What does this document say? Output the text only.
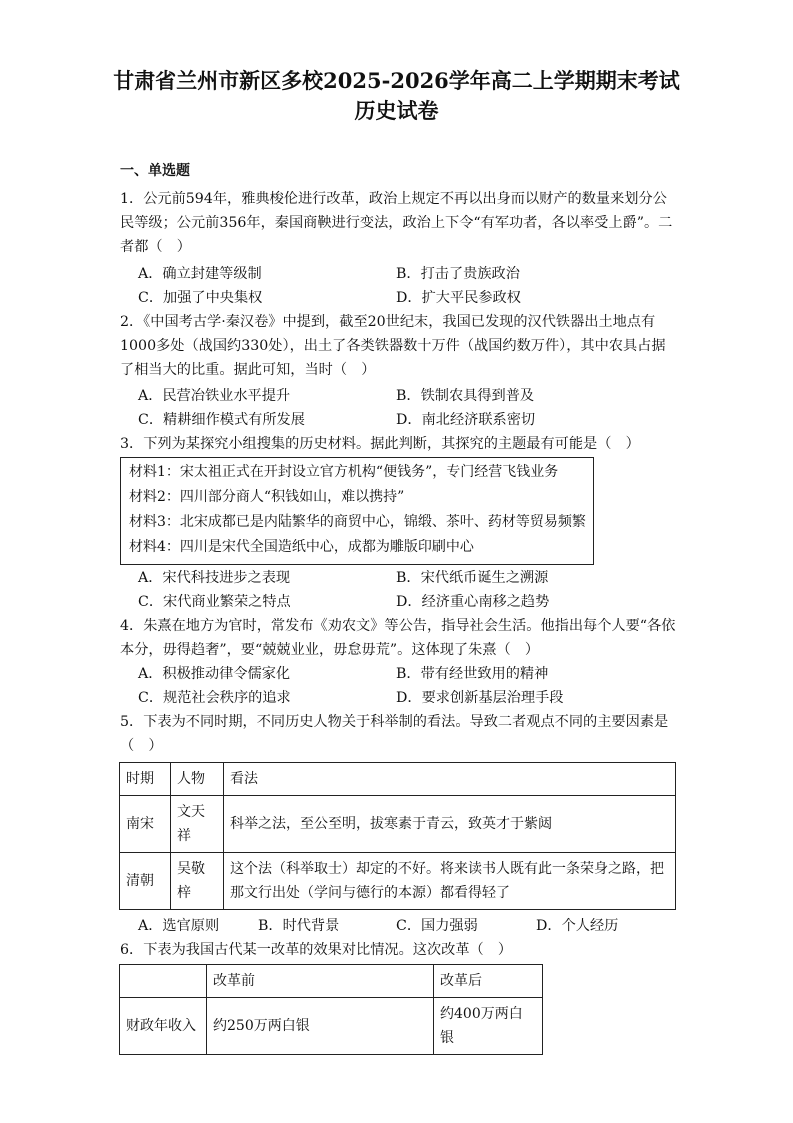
甘肃省兰州市新区多校2025-2026学年高二上学期期末考试历史试卷
一、单选题
1．公元前594年，雅典梭伦进行改革，政治上规定不再以出身而以财产的数量来划分公民等级；公元前356年，秦国商鞅进行变法，政治上下令“有军功者，各以率受上爵”。二者都（　）
A．确立封建等级制	B．打击了贵族政治
C．加强了中央集权	D．扩大平民参政权
2．《中国考古学·秦汉卷》中提到，截至20世纪末，我国已发现的汉代铁器出土地点有1000多处（战国约330处），出土了各类铁器数十万件（战国约数万件），其中农具占据了相当大的比重。据此可知，当时（　）
A．民营冶铁业水平提升	B．铁制农具得到普及
C．精耕细作模式有所发展	D．南北经济联系密切
3．下列为某探究小组搜集的历史材料。据此判断，其探究的主题最有可能是（　）
材料1：宋太祖正式在开封设立官方机构“便钱务”，专门经营飞钱业务
材料2：四川部分商人“积钱如山，难以携持”
材料3：北宋成都已是内陆繁华的商贸中心，锦缎、茶叶、药材等贸易频繁
材料4：四川是宋代全国造纸中心，成都为雕版印刷中心
A．宋代科技进步之表现	B．宋代纸币诞生之溯源
C．宋代商业繁荣之特点	D．经济重心南移之趋势
4．朱熹在地方为官时，常发布《劝农文》等公告，指导社会生活。他指出每个人要“各依本分，毋得趋奢”，要“兢兢业业，毋怠毋荒”。这体现了朱熹（　）
A．积极推动律令儒家化	B．带有经世致用的精神
C．规范社会秩序的追求	D．要求创新基层治理手段
5．下表为不同时期，不同历史人物关于科举制的看法。导致二者观点不同的主要因素是（　）
时期	人物	看法
南宋	文天祥	科举之法，至公至明，拔寒素于青云，致英才于紫闼
清朝	吴敬梓	这个法（科举取士）却定的不好。将来读书人既有此一条荣身之路，把那文行出处（学问与德行的本源）都看得轻了
A．选官原则	B．时代背景	C．国力强弱	D．个人经历
6．下表为我国古代某一改革的效果对比情况。这次改革（　）
	改革前	改革后
财政年收入	约250万两白银	约400万两白银
